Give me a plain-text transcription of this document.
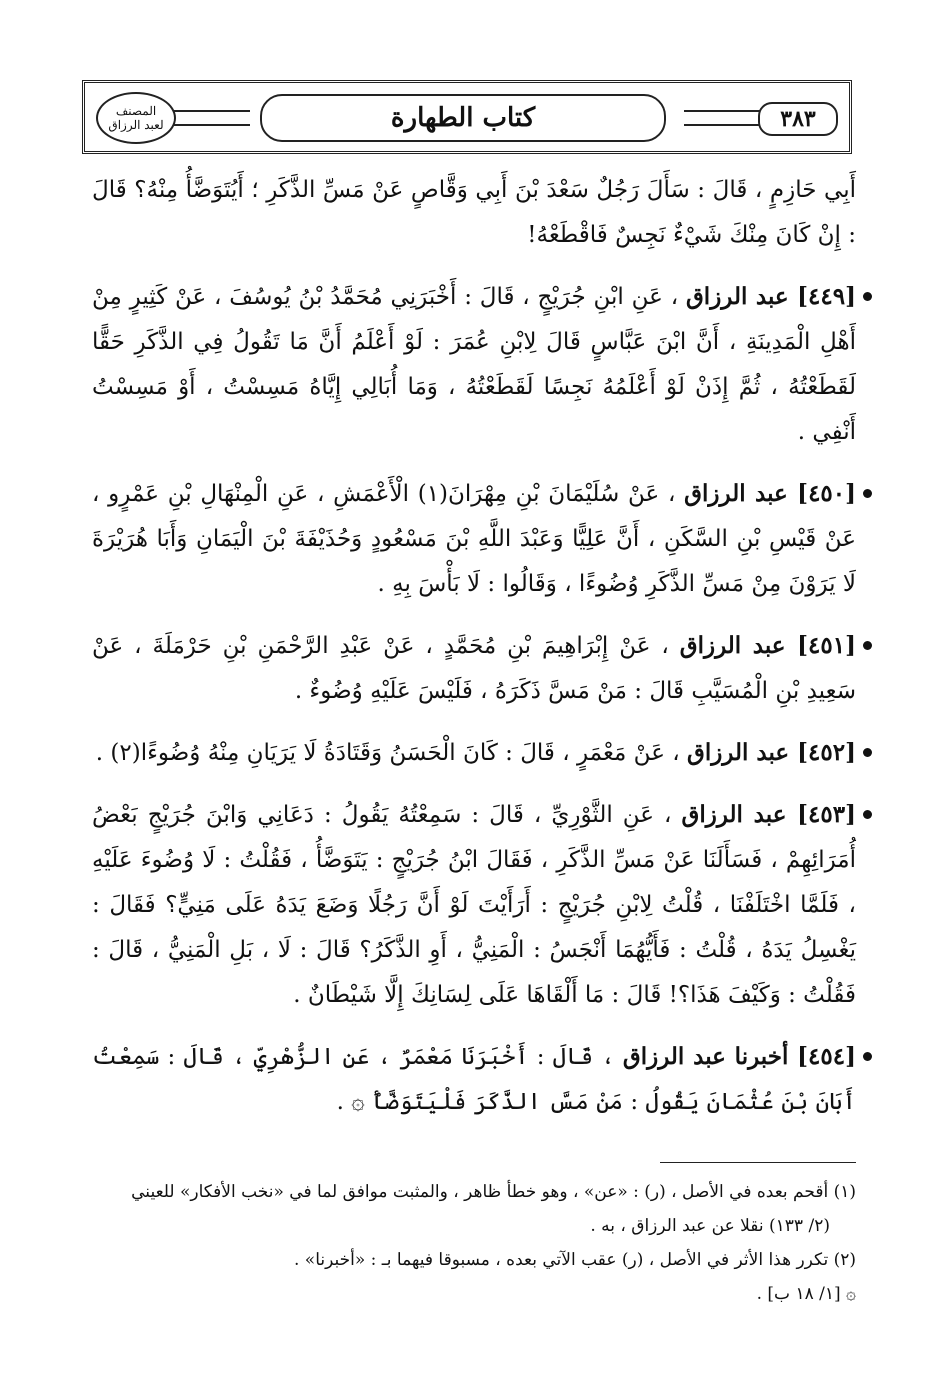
المصنف
لعبد الرزاق	كتاب الطهارة	٣٨٣

أَبِي حَازِمٍ ، قَالَ : سَأَلَ رَجُلٌ سَعْدَ بْنَ أَبِي وَقَّاصٍ عَنْ مَسِّ الذَّكَرِ ؛ أَيُتَوَضَّأُ مِنْهُ؟ قَالَ : إِنْ كَانَ مِنْكَ شَيْءٌ نَجِسٌ فَاقْطَعْهُ!

[٤٤٩] عبد الرزاق ، عَنِ ابْنِ جُرَيْجٍ ، قَالَ : أَخْبَرَنِي مُحَمَّدُ بْنُ يُوسُفَ ، عَنْ كَثِيرٍ مِنْ أَهْلِ الْمَدِينَةِ ، أَنَّ ابْنَ عَبَّاسٍ قَالَ لِابْنِ عُمَرَ : لَوْ أَعْلَمُ أَنَّ مَا تَقُولُ فِي الذَّكَرِ حَقًّا لَقَطَعْتُهُ ، ثُمَّ إِذَنْ لَوْ أَعْلَمُهُ نَجِسًا لَقَطَعْتُهُ ، وَمَا أُبَالِي إِيَّاهُ مَسِسْتُ ، أَوْ مَسِسْتُ أَنْفِي .

[٤٥٠] عبد الرزاق ، عَنْ سُلَيْمَانَ بْنِ مِهْرَانَ(١) الْأَعْمَشِ ، عَنِ الْمِنْهَالِ بْنِ عَمْرٍو ، عَنْ قَيْسِ بْنِ السَّكَنِ ، أَنَّ عَلِيًّا وَعَبْدَ اللَّهِ بْنَ مَسْعُودٍ وَحُذَيْفَةَ بْنَ الْيَمَانِ وَأَبَا هُرَيْرَةَ لَا يَرَوْنَ مِنْ مَسِّ الذَّكَرِ وُضُوءًا ، وَقَالُوا : لَا بَأْسَ بِهِ .

[٤٥١] عبد الرزاق ، عَنْ إِبْرَاهِيمَ بْنِ مُحَمَّدٍ ، عَنْ عَبْدِ الرَّحْمَنِ بْنِ حَرْمَلَةَ ، عَنْ سَعِيدِ بْنِ الْمُسَيَّبِ قَالَ : مَنْ مَسَّ ذَكَرَهُ ، فَلَيْسَ عَلَيْهِ وُضُوءٌ .

[٤٥٢] عبد الرزاق ، عَنْ مَعْمَرٍ ، قَالَ : كَانَ الْحَسَنُ وَقَتَادَةُ لَا يَرَيَانِ مِنْهُ وُضُوءًا(٢) .

[٤٥٣] عبد الرزاق ، عَنِ الثَّوْرِيِّ ، قَالَ : سَمِعْتُهُ يَقُولُ : دَعَانِي وَابْنَ جُرَيْجٍ بَعْضُ أُمَرَائِهِمْ ، فَسَأَلَنَا عَنْ مَسِّ الذَّكَرِ ، فَقَالَ ابْنُ جُرَيْجٍ : يَتَوَضَّأُ ، فَقُلْتُ : لَا وُضُوءَ عَلَيْهِ ، فَلَمَّا اخْتَلَفْنَا ، قُلْتُ لِابْنِ جُرَيْجٍ : أَرَأَيْتَ لَوْ أَنَّ رَجُلًا وَضَعَ يَدَهُ عَلَى مَنِيٍّ؟ فَقَالَ : يَغْسِلُ يَدَهُ ، قُلْتُ : فَأَيُّهُمَا أَنْجَسُ : الْمَنِيُّ ، أَوِ الذَّكَرُ؟ قَالَ : لَا ، بَلِ الْمَنِيُّ ، قَالَ : فَقُلْتُ : وَكَيْفَ هَذَا؟! قَالَ : مَا أَلْقَاهَا عَلَى لِسَانِكَ إِلَّا شَيْطَانٌ .

[٤٥٤] أخبرنا عبد الرزاق ، قَالَ : أَخْبَرَنَا مَعْمَرٌ ، عَنِ الزُّهْرِيِّ ، قَالَ : سَمِعْتُ أَبَانَ بْنَ عُثْمَانَ يَقُولُ : مَنْ مَسَّ الذَّكَرَ فَلْيَتَوَضَّأْ ۞ .

(١) أقحم بعده في الأصل ، (ر) : «عن» ، وهو خطأ ظاهر ، والمثبت موافق لما في «نخب الأفكار» للعيني

(٢/ ١٣٣) نقلا عن عبد الرزاق ، به .

(٢) تكرر هذا الأثر في الأصل ، (ر) عقب الآتي بعده ، مسبوقا فيهما بـ : «أخبرنا» .

۞ [١/ ١٨ ب] .
